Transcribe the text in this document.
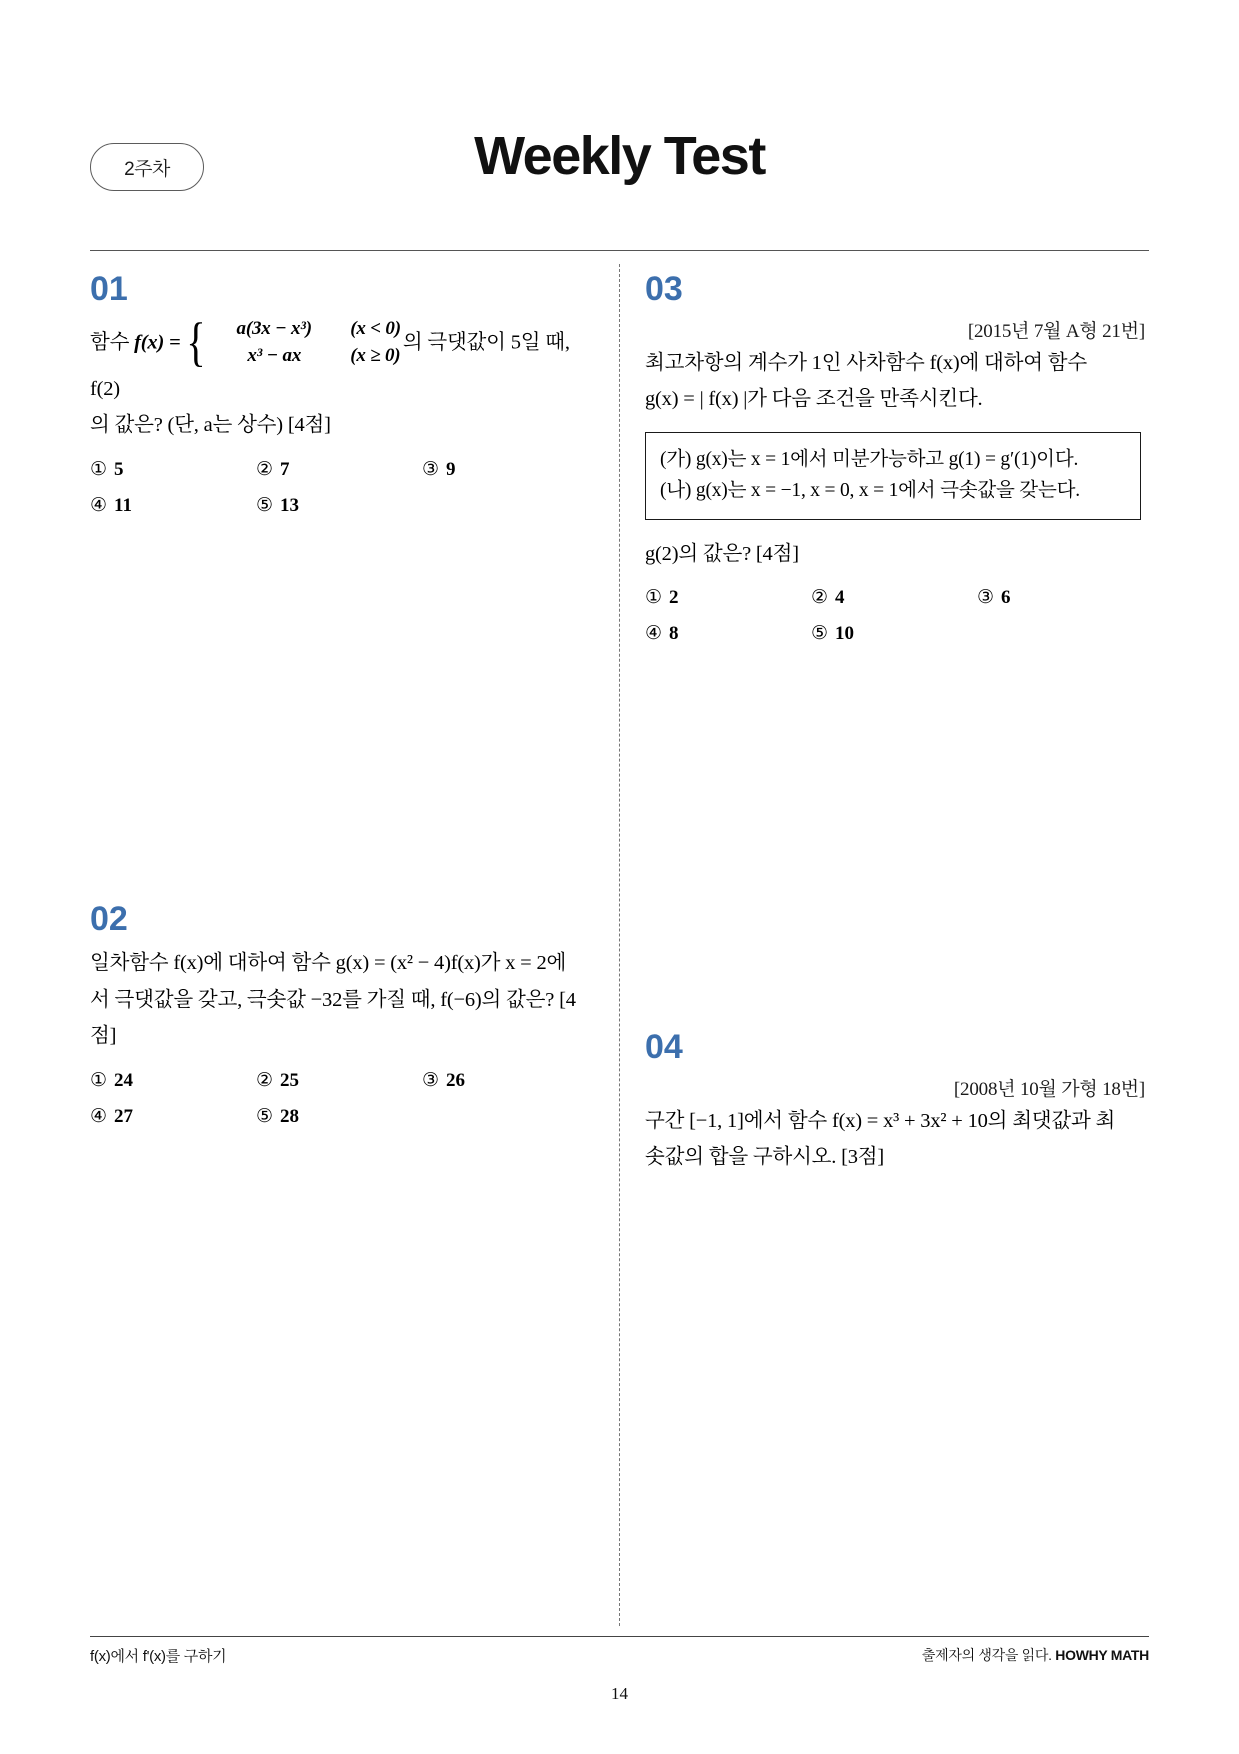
2주차	Weekly Test
01
함수 f(x) = {	a(3x − x³)	(x < 0)
x³ − ax	(x ≥ 0)
의 극댓값이 5일 때, f(2)
의 값은? (단, a는 상수) [4점]
① 5	② 7	③ 9
④ 11	⑤ 13
02
일차함수 f(x)에 대하여 함수 g(x) = (x² − 4)f(x)가 x = 2에
서 극댓값을 갖고, 극솟값 −32를 가질 때, f(−6)의 값은? [4
점]
① 24	② 25	③ 26
④ 27	⑤ 28
03
[2015년 7월 A형 21번]
최고차항의 계수가 1인 사차함수 f(x)에 대하여 함수
g(x) = | f(x) |가 다음 조건을 만족시킨다.
(가) g(x)는 x = 1에서 미분가능하고 g(1) = g′(1)이다.
(나) g(x)는 x = −1, x = 0, x = 1에서 극솟값을 갖는다.
g(2)의 값은? [4점]
① 2	② 4	③ 6
④ 8	⑤ 10
04
[2008년 10월 가형 18번]
구간 [−1, 1]에서 함수 f(x) = x³ + 3x² + 10의 최댓값과 최
솟값의 합을 구하시오. [3점]
f(x)에서 f'(x)를 구하기	출제자의 생각을 읽다. HOWHY MATH
14
